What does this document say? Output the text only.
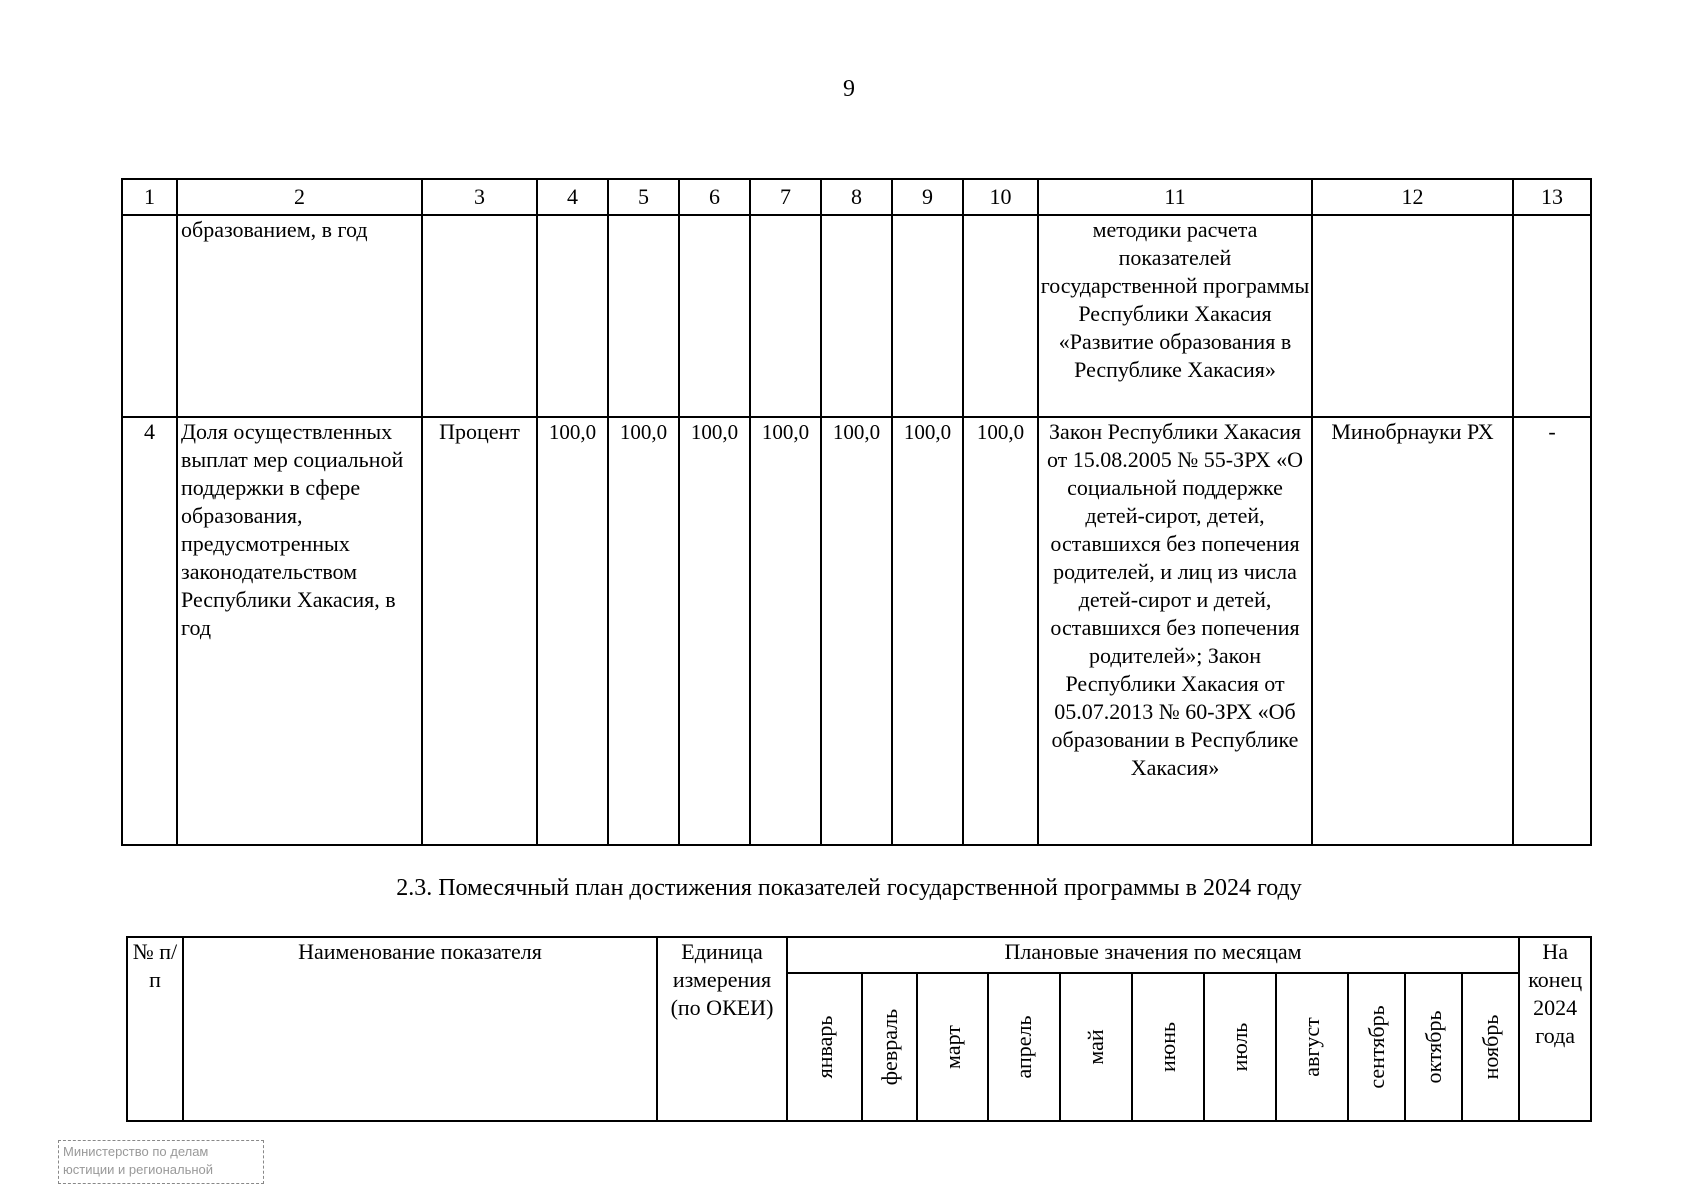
9
1	2	3	4	5	6	7	8	9	10	11	12	13
	образованием, в год									методики расчета показателей государственной программы Республики Хакасия «Развитие образования в Республике Хакасия»		
4	Доля осуществленных выплат мер социальной поддержки в сфере образования, предусмотренных законодательством Республики Хакасия, в год	Процент	100,0	100,0	100,0	100,0	100,0	100,0	100,0	Закон Республики Хакасия от 15.08.2005 № 55-ЗРХ «О социальной поддержке детей-сирот, детей, оставшихся без попечения родителей, и лиц из числа детей-сирот и детей, оставшихся без попечения родителей»; Закон Республики Хакасия от 05.07.2013 № 60-ЗРХ «Об образовании в Республике Хакасия»	Минобрнауки РХ	-
2.3. Помесячный план достижения показателей государственной программы в 2024 году
№ п/п	Наименование показателя	Единица измерения (по ОКЕИ)	Плановые значения по месяцам											На конец 2024 года

			январь	февраль	март	апрель	май	июнь	июль	август	сентябрь	октябрь	ноябрь	
Министерство по делам юстиции и региональной
